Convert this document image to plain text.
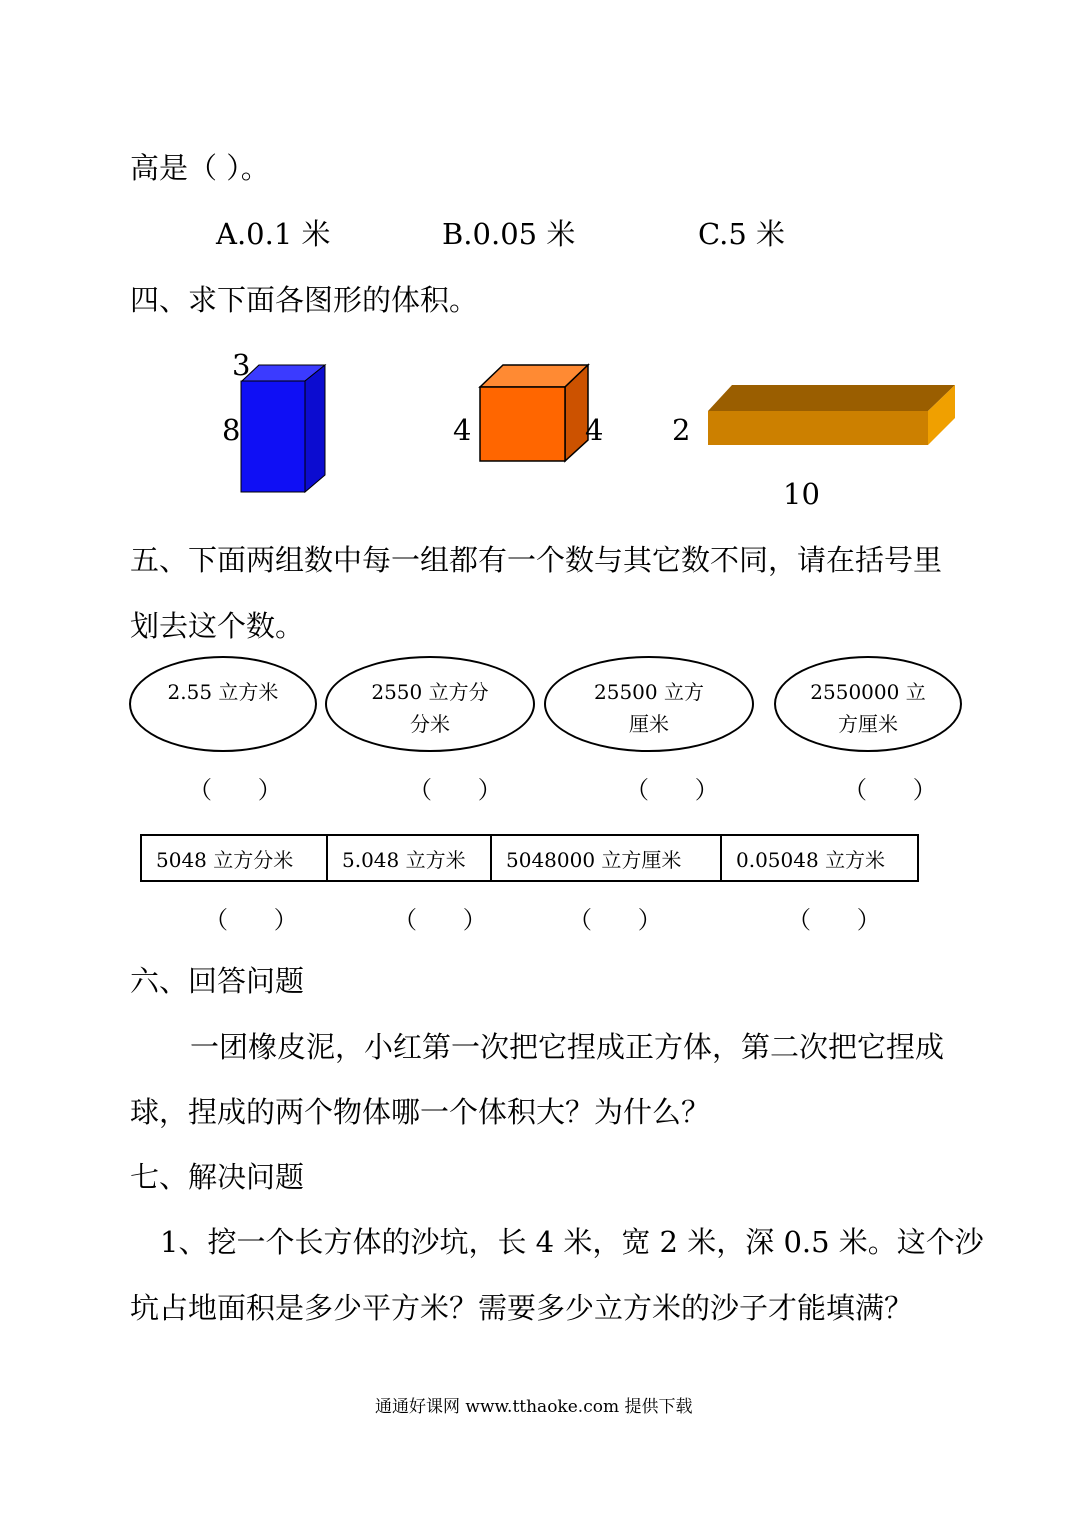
高是（ ）。
A.0.1 米	B.0.05 米	C.5 米
四、求下面各图形的体积。
3
8	4	4 2
10
五、下面两组数中每一组都有一个数与其它数不同，请在括号里
划去这个数。
2.55 立方米	2550 立方分
分米
25500 立方
厘米
2550000 立
方厘米
（      ）	（      ）	（      ）	（      ）
5048 立方分米	5.048 立方米	5048000 立方厘米	0.05048 立方米
（      ）	（      ）	（      ）	（      ）
六、回答问题
一团橡皮泥，小红第一次把它捏成正方体，第二次把它捏成
球，捏成的两个物体哪一个体积大？为什么？
七、解决问题
1、挖一个长方体的沙坑，长 4 米，宽 2 米，深 0.5 米。这个沙
坑占地面积是多少平方米？需要多少立方米的沙子才能填满？
通通好课网 www.tthaoke.com 提供下载
